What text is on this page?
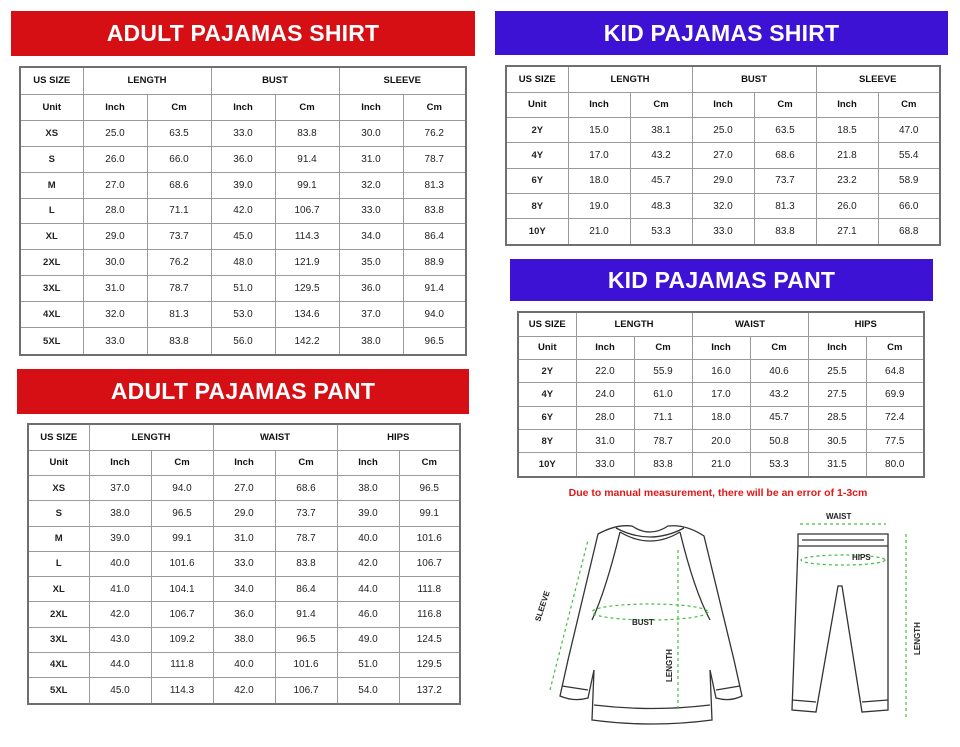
ADULT PAJAMAS SHIRT	KID PAJAMAS SHIRT
ADULT PAJAMAS PANT
KID PAJAMAS PANT
US SIZE	LENGTH		BUST		SLEEVE	
Unit	Inch	Cm	Inch	Cm	Inch	Cm
XS	25.0	63.5	33.0	83.8	30.0	76.2
S	26.0	66.0	36.0	91.4	31.0	78.7
M	27.0	68.6	39.0	99.1	32.0	81.3
L	28.0	71.1	42.0	106.7	33.0	83.8
XL	29.0	73.7	45.0	114.3	34.0	86.4
2XL	30.0	76.2	48.0	121.9	35.0	88.9
3XL	31.0	78.7	51.0	129.5	36.0	91.4
4XL	32.0	81.3	53.0	134.6	37.0	94.0
5XL	33.0	83.8	56.0	142.2	38.0	96.5
US SIZE	LENGTH		BUST		SLEEVE	
Unit	Inch	Cm	Inch	Cm	Inch	Cm
2Y	15.0	38.1	25.0	63.5	18.5	47.0
4Y	17.0	43.2	27.0	68.6	21.8	55.4
6Y	18.0	45.7	29.0	73.7	23.2	58.9
8Y	19.0	48.3	32.0	81.3	26.0	66.0
10Y	21.0	53.3	33.0	83.8	27.1	68.8
US SIZE	LENGTH		WAIST		HIPS	
Unit	Inch	Cm	Inch	Cm	Inch	Cm
XS	37.0	94.0	27.0	68.6	38.0	96.5
S	38.0	96.5	29.0	73.7	39.0	99.1
M	39.0	99.1	31.0	78.7	40.0	101.6
L	40.0	101.6	33.0	83.8	42.0	106.7
XL	41.0	104.1	34.0	86.4	44.0	111.8
2XL	42.0	106.7	36.0	91.4	46.0	116.8
3XL	43.0	109.2	38.0	96.5	49.0	124.5
4XL	44.0	111.8	40.0	101.6	51.0	129.5
5XL	45.0	114.3	42.0	106.7	54.0	137.2
US SIZE	LENGTH		WAIST		HIPS	
Unit	Inch	Cm	Inch	Cm	Inch	Cm
2Y	22.0	55.9	16.0	40.6	25.5	64.8
4Y	24.0	61.0	17.0	43.2	27.5	69.9
6Y	28.0	71.1	18.0	45.7	28.5	72.4
8Y	31.0	78.7	20.0	50.8	30.5	77.5
10Y	33.0	83.8	21.0	53.3	31.5	80.0
Due to manual measurement, there will be an error of 1-3cm
SLEEVE	BUST
LENGTH
WAIST
HIPS
LENGTH
